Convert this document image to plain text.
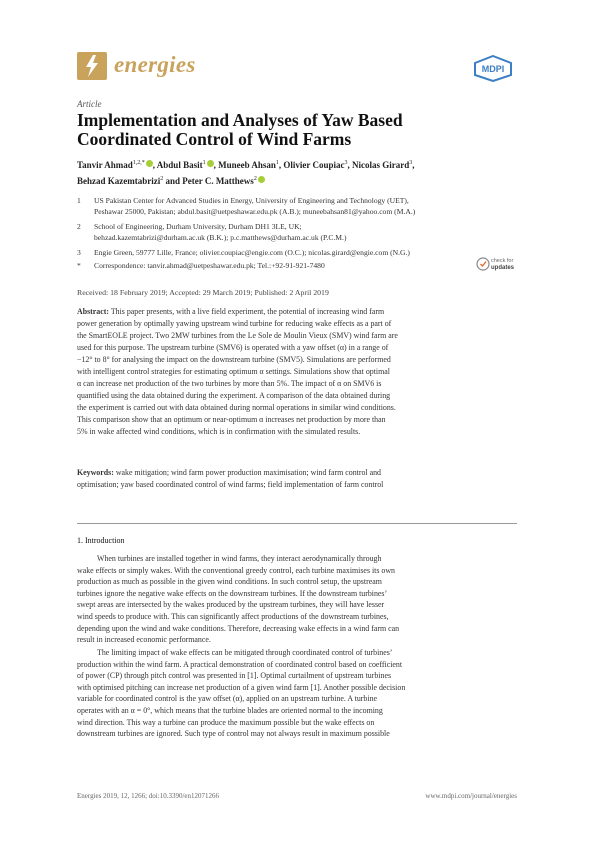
energies	MDPI
Article
Implementation and Analyses of Yaw Based
Coordinated Control of Wind Farms
Tanvir Ahmad$^{1,2,*}$ , Abdul Basit$^1$ , Muneeb Ahsan$^1$, Olivier Coupiac$^3$, Nicolas Girard$^3$,
Behzad Kazemtabrizi$^2$ and Peter C. Matthews$^2$
1	US Pakistan Center for Advanced Studies in Energy, University of Engineering and Technology (UET),
Peshawar 25000, Pakistan; abdul.basit@uetpeshawar.edu.pk (A.B.); muneebahsan81@yahoo.com (M.A.)
2	School of Engineering, Durham University, Durham DH1 3LE, UK;
behzad.kazemtabrizi@durham.ac.uk (B.K.); p.c.matthews@durham.ac.uk (P.C.M.)
3	Engie Green, 59777 Lille, France; olivier.coupiac@engie.com (O.C.); nicolas.girard@engie.com (N.G.)
*	Correspondence: tanvir.ahmad@uetpeshawar.edu.pk; Tel.:+92-91-921-7480	check for
updates
Received: 18 February 2019; Accepted: 29 March 2019; Published: 2 April 2019
Abstract: This paper presents, with a live field experiment, the potential of increasing wind farm
power generation by optimally yawing upstream wind turbine for reducing wake effects as a part of
the SmartEOLE project. Two 2MW turbines from the Le Sole de Moulin Vieux (SMV) wind farm are
used for this purpose. The upstream turbine (SMV6) is operated with a yaw offset (α) in a range of
−12° to 8° for analysing the impact on the downstream turbine (SMV5). Simulations are performed
with intelligent control strategies for estimating optimum α settings. Simulations show that optimal
α can increase net production of the two turbines by more than 5%. The impact of α on SMV6 is
quantified using the data obtained during the experiment. A comparison of the data obtained during
the experiment is carried out with data obtained during normal operations in similar wind conditions.
This comparison show that an optimum or near-optimum α increases net production by more than
5% in wake affected wind conditions, which is in confirmation with the simulated results.
Keywords: wake mitigation; wind farm power production maximisation; wind farm control and
optimisation; yaw based coordinated control of wind farms; field implementation of farm control
1. Introduction
When turbines are installed together in wind farms, they interact aerodynamically through
wake effects or simply wakes. With the conventional greedy control, each turbine maximises its own
production as much as possible in the given wind conditions. In such control setup, the upstream
turbines ignore the negative wake effects on the downstream turbines. If the downstream turbines’
swept areas are intersected by the wakes produced by the upstream turbines, they will have lesser
wind speeds to produce with. This can significantly affect productions of the downstream turbines,
depending upon the wind and wake conditions. Therefore, decreasing wake effects in a wind farm can
result in increased economic performance.
The limiting impact of wake effects can be mitigated through coordinated control of turbines’
production within the wind farm. A practical demonstration of coordinated control based on coefficient
of power (CP) through pitch control was presented in [1]. Optimal curtailment of upstream turbines
with optimised pitching can increase net production of a given wind farm [1]. Another possible decision
variable for coordinated control is the yaw offset (α), applied on an upstream turbine. A turbine
operates with an α = 0°, which means that the turbine blades are oriented normal to the incoming
wind direction. This way a turbine can produce the maximum possible but the wake effects on
downstream turbines are ignored. Such type of control may not always result in maximum possible
Energies 2019, 12, 1266; doi:10.3390/en12071266	www.mdpi.com/journal/energies
